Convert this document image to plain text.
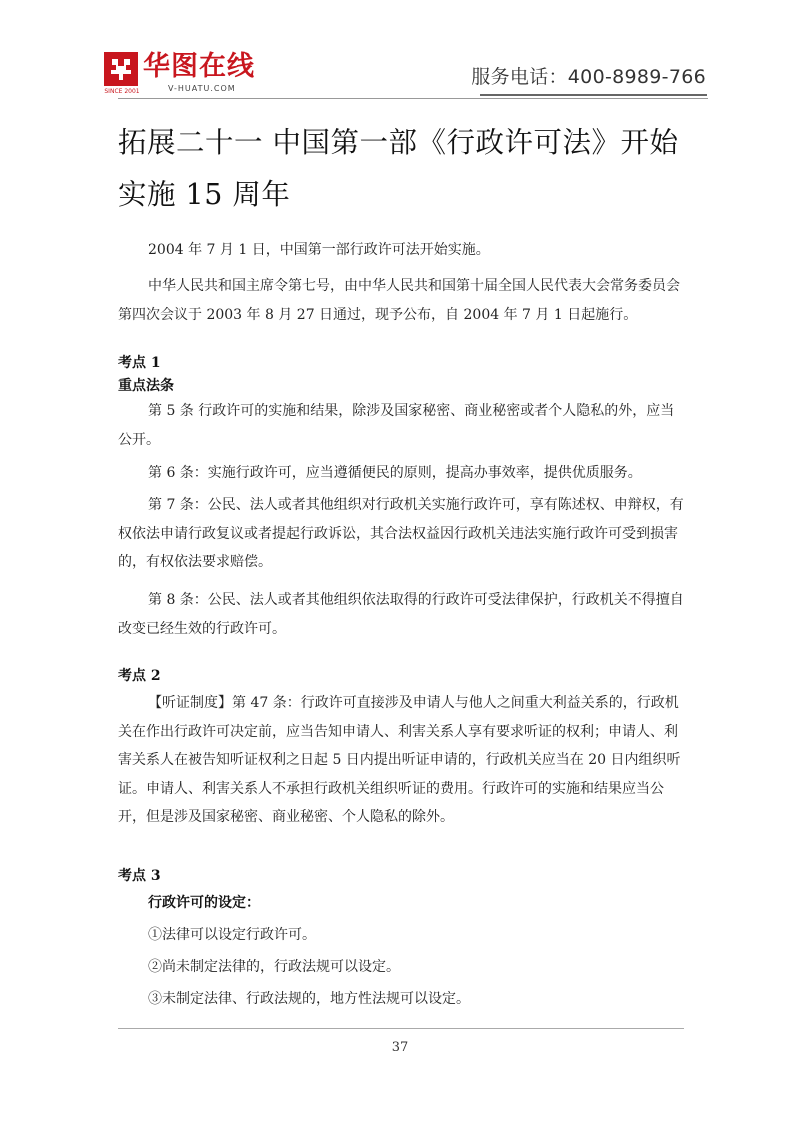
SINCE 2001
华图在线
V-HUATU.COM
服务电话：400-8989-766
拓展二十一 中国第一部《行政许可法》开始实施 15 周年

2004 年 7 月 1 日，中国第一部行政许可法开始实施。

中华人民共和国主席令第七号，由中华人民共和国第十届全国人民代表大会常务委员会第四次会议于 2003 年 8 月 27 日通过，现予公布，自 2004 年 7 月 1 日起施行。

考点 1
重点法条

第 5 条 行政许可的实施和结果，除涉及国家秘密、商业秘密或者个人隐私的外，应当公开。

第 6 条：实施行政许可，应当遵循便民的原则，提高办事效率，提供优质服务。

第 7 条：公民、法人或者其他组织对行政机关实施行政许可，享有陈述权、申辩权，有权依法申请行政复议或者提起行政诉讼，其合法权益因行政机关违法实施行政许可受到损害的，有权依法要求赔偿。

第 8 条：公民、法人或者其他组织依法取得的行政许可受法律保护，行政机关不得擅自改变已经生效的行政许可。

考点 2

【听证制度】第 47 条：行政许可直接涉及申请人与他人之间重大利益关系的，行政机关在作出行政许可决定前，应当告知申请人、利害关系人享有要求听证的权利；申请人、利害关系人在被告知听证权利之日起 5 日内提出听证申请的，行政机关应当在 20 日内组织听证。申请人、利害关系人不承担行政机关组织听证的费用。行政许可的实施和结果应当公开，但是涉及国家秘密、商业秘密、个人隐私的除外。

考点 3
行政许可的设定：
①法律可以设定行政许可。
②尚未制定法律的，行政法规可以设定。
③未制定法律、行政法规的，地方性法规可以设定。
37
